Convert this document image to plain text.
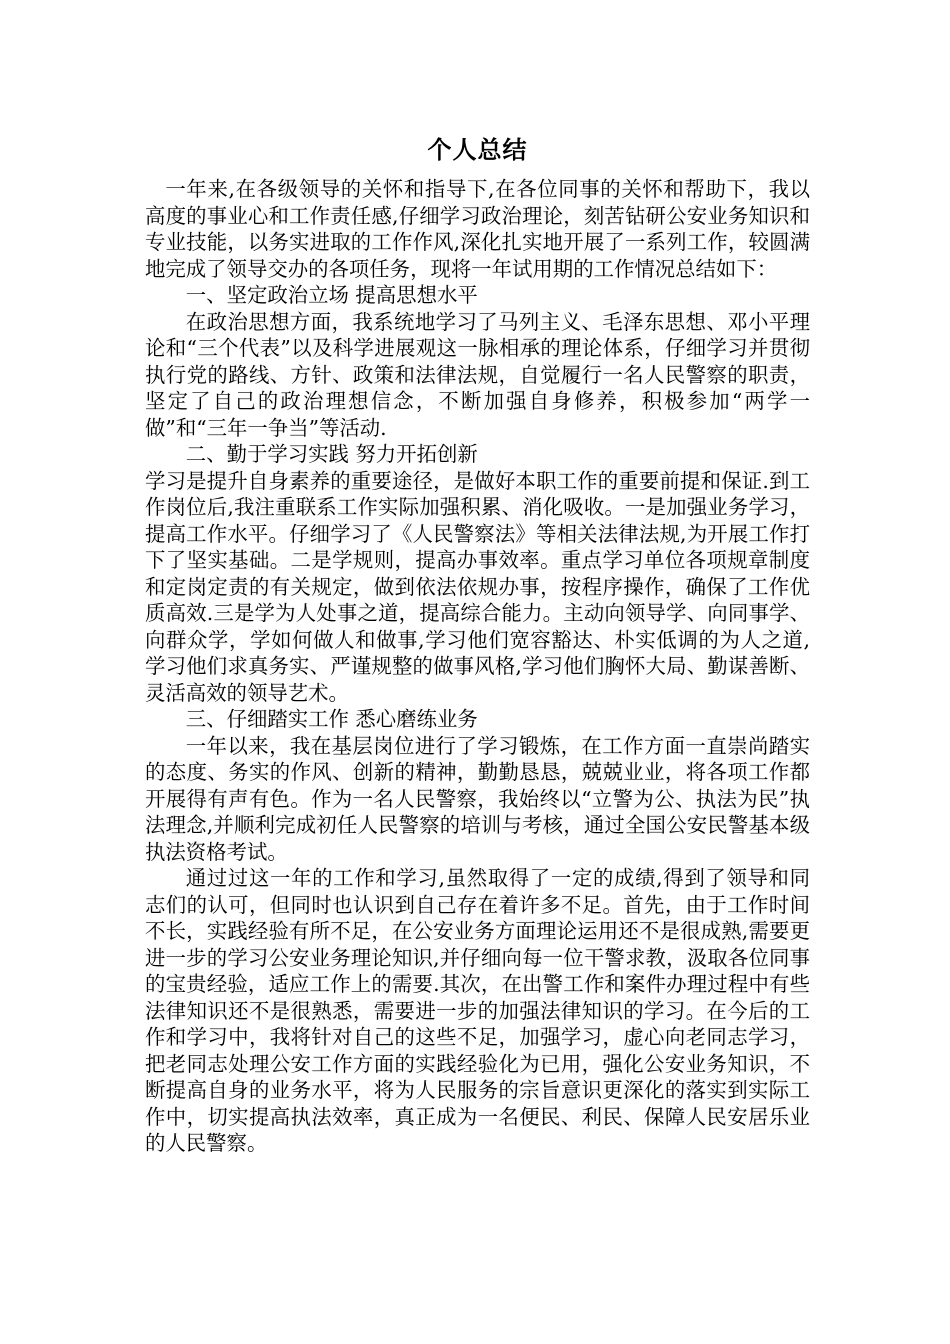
个人总结

一年来,在各级领导的关怀和指导下,在各位同事的关怀和帮助下，我以高度的事业心和工作责任感,仔细学习政治理论，刻苦钻研公安业务知识和专业技能，以务实进取的工作作风,深化扎实地开展了一系列工作，较圆满地完成了领导交办的各项任务，现将一年试用期的工作情况总结如下：

一、坚定政治立场 提高思想水平

在政治思想方面，我系统地学习了马列主义、毛泽东思想、邓小平理论和“三个代表”以及科学进展观这一脉相承的理论体系，仔细学习并贯彻执行党的路线、方针、政策和法律法规，自觉履行一名人民警察的职责，坚定了自己的政治理想信念，不断加强自身修养，积极参加“两学一做”和“三年一争当”等活动.

二、勤于学习实践 努力开拓创新

学习是提升自身素养的重要途径，是做好本职工作的重要前提和保证.到工作岗位后,我注重联系工作实际加强积累、消化吸收。一是加强业务学习，提高工作水平。仔细学习了《人民警察法》等相关法律法规,为开展工作打下了坚实基础。二是学规则，提高办事效率。重点学习单位各项规章制度和定岗定责的有关规定，做到依法依规办事，按程序操作，确保了工作优质高效.三是学为人处事之道，提高综合能力。主动向领导学、向同事学、向群众学，学如何做人和做事,学习他们宽容豁达、朴实低调的为人之道,学习他们求真务实、严谨规整的做事风格,学习他们胸怀大局、勤谋善断、灵活高效的领导艺术。

三、仔细踏实工作 悉心磨练业务

一年以来，我在基层岗位进行了学习锻炼，在工作方面一直崇尚踏实的态度、务实的作风、创新的精神，勤勤恳恳，兢兢业业，将各项工作都开展得有声有色。作为一名人民警察，我始终以“立警为公、执法为民”执法理念,并顺利完成初任人民警察的培训与考核，通过全国公安民警基本级执法资格考试。

通过过这一年的工作和学习,虽然取得了一定的成绩,得到了领导和同志们的认可，但同时也认识到自己存在着许多不足。首先，由于工作时间不长，实践经验有所不足，在公安业务方面理论运用还不是很成熟,需要更进一步的学习公安业务理论知识,并仔细向每一位干警求教，汲取各位同事的宝贵经验，适应工作上的需要.其次，在出警工作和案件办理过程中有些法律知识还不是很熟悉，需要进一步的加强法律知识的学习。在今后的工作和学习中，我将针对自己的这些不足，加强学习，虚心向老同志学习，把老同志处理公安工作方面的实践经验化为已用，强化公安业务知识，不断提高自身的业务水平，将为人民服务的宗旨意识更深化的落实到实际工作中，切实提高执法效率，真正成为一名便民、利民、保障人民安居乐业的人民警察。
